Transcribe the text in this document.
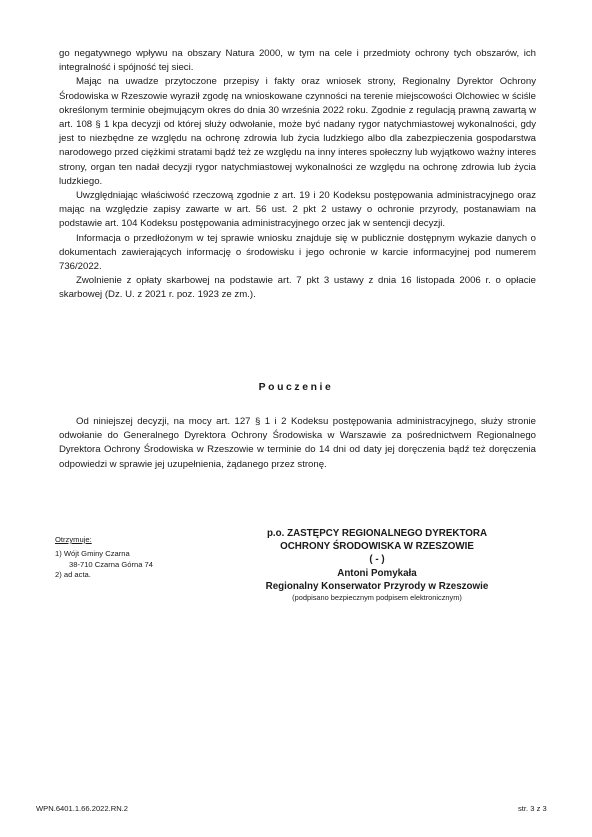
go negatywnego wpływu na obszary Natura 2000, w tym na cele i przedmioty ochrony tych obszarów, ich integralność i spójność tej sieci.

Mając na uwadze przytoczone przepisy i fakty oraz wniosek strony, Regionalny Dyrektor Ochrony Środowiska w Rzeszowie wyraził zgodę na wnioskowane czynności na terenie miejscowości Olchowiec w ściśle określonym terminie obejmującym okres do dnia 30 września 2022 roku. Zgodnie z regulacją prawną zawartą w art. 108 § 1 kpa decyzji od której służy odwołanie, może być nadany rygor natychmiastowej wykonalności, gdy jest to niezbędne ze względu na ochronę zdrowia lub życia ludzkiego albo dla zabezpieczenia gospodarstwa narodowego przed ciężkimi stratami bądź też ze względu na inny interes społeczny lub wyjątkowo ważny interes strony, organ ten nadał decyzji rygor natychmiastowej wykonalności ze względu na ochronę zdrowia lub życia ludzkiego.

Uwzględniając właściwość rzeczową zgodnie z art. 19 i 20 Kodeksu postępowania administracyjnego oraz mając na względzie zapisy zawarte w art. 56 ust. 2 pkt 2 ustawy o ochronie przyrody, postanawiam na podstawie art. 104 Kodeksu postępowania administracyjnego orzec jak w sentencji decyzji.

Informacja o przedłożonym w tej sprawie wniosku znajduje się w publicznie dostępnym wykazie danych o dokumentach zawierających informację o środowisku i jego ochronie w karcie informacyjnej pod numerem 736/2022.

Zwolnienie z opłaty skarbowej na podstawie art. 7 pkt 3 ustawy z dnia 16 listopada 2006 r. o opłacie skarbowej (Dz. U. z 2021 r. poz. 1923 ze zm.).

Pouczenie

Od niniejszej decyzji, na mocy art. 127 § 1 i 2 Kodeksu postępowania administracyjnego, służy stronie odwołanie do Generalnego Dyrektora Ochrony Środowiska w Warszawie za pośrednictwem Regionalnego Dyrektora Ochrony Środowiska w Rzeszowie w terminie do 14 dni od daty jej doręczenia bądź też doręczenia odpowiedzi w sprawie jej uzupełnienia, żądanego przez stronę.

Otrzymuje:
1) Wójt Gminy Czarna
38-710 Czarna Górna 74
2) ad acta.
p.o. ZASTĘPCY REGIONALNEGO DYREKTORA
OCHRONY ŚRODOWISKA W RZESZOWIE
( - )
Antoni Pomykała
Regionalny Konserwator Przyrody w Rzeszowie
(podpisano bezpiecznym podpisem elektronicznym)
WPN.6401.1.66.2022.RN.2	str. 3 z 3
